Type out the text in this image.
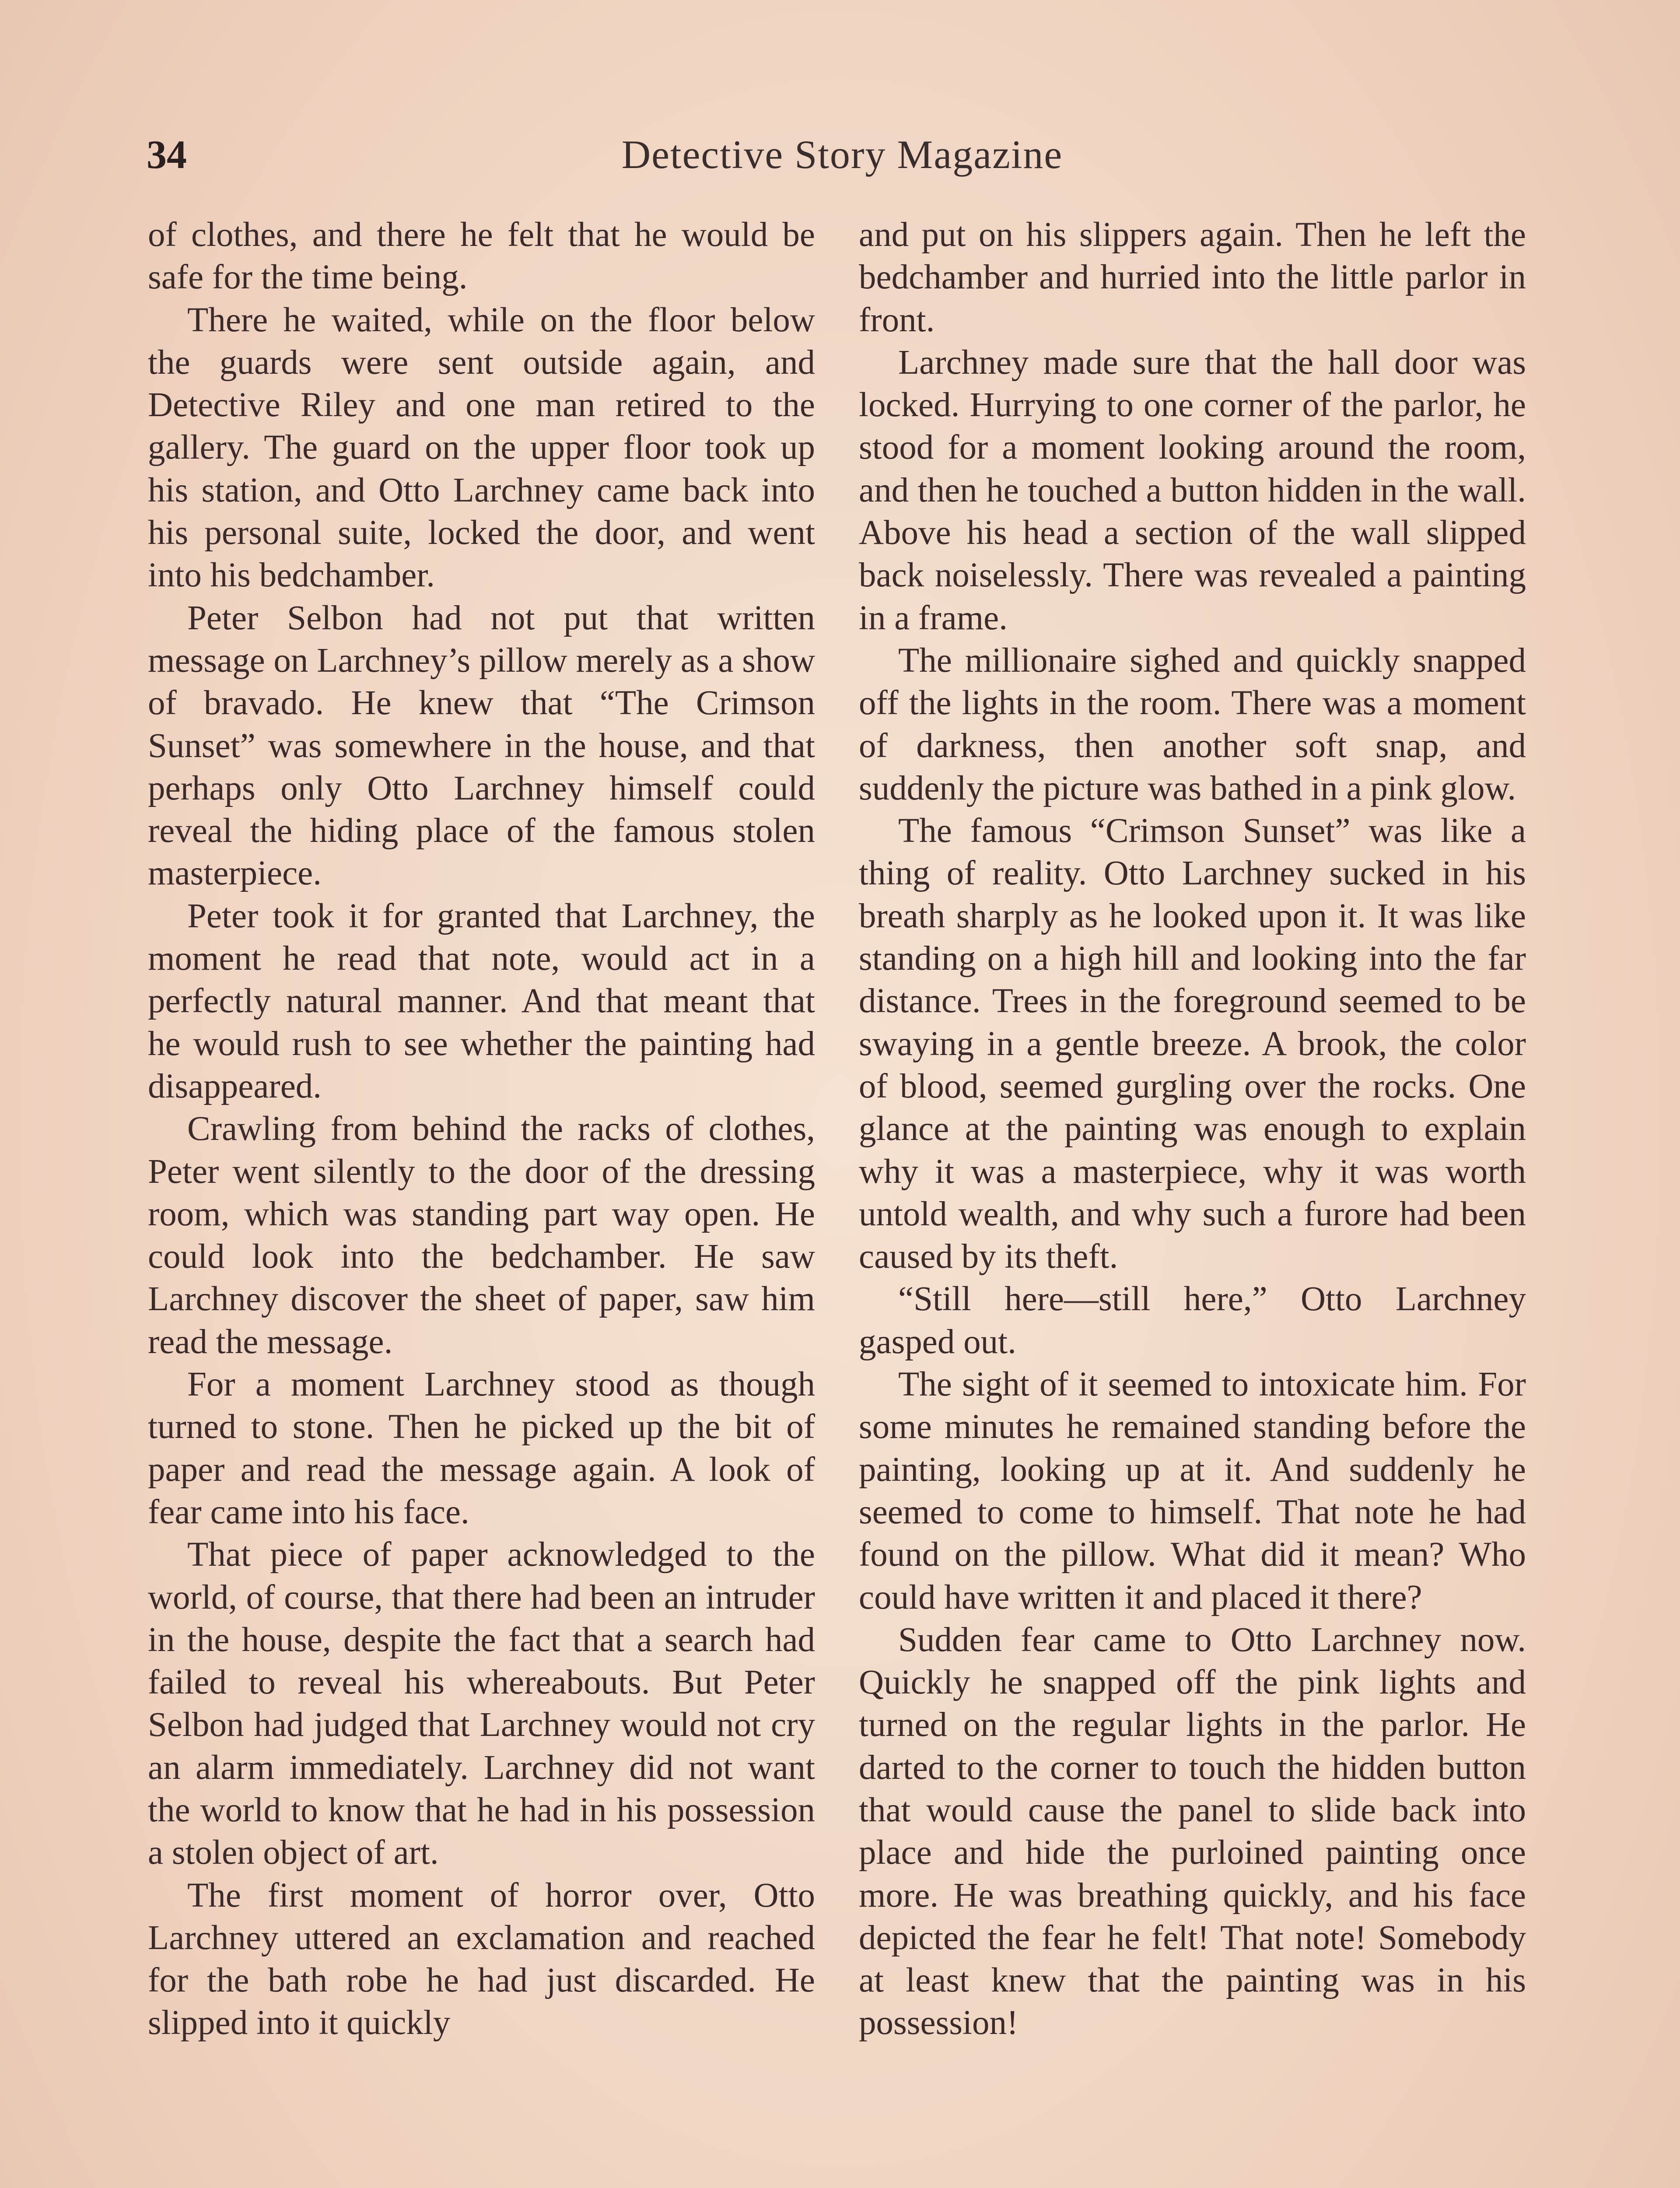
34	Detective Story Magazine

of clothes, and there he felt that he would be safe for the time being.

There he waited, while on the floor below the guards were sent outside again, and Detective Riley and one man retired to the gallery. The guard on the upper floor took up his station, and Otto Larchney came back into his personal suite, locked the door, and went into his bedchamber.

Peter Selbon had not put that written message on Larchney’s pillow merely as a show of bravado. He knew that “The Crimson Sunset” was somewhere in the house, and that perhaps only Otto Larchney himself could reveal the hiding place of the famous stolen masterpiece.

Peter took it for granted that Larchney, the moment he read that note, would act in a perfectly natural manner. And that meant that he would rush to see whether the painting had disappeared.

Crawling from behind the racks of clothes, Peter went silently to the door of the dressing room, which was standing part way open. He could look into the bedchamber. He saw Larchney discover the sheet of paper, saw him read the message.

For a moment Larchney stood as though turned to stone. Then he picked up the bit of paper and read the message again. A look of fear came into his face.

That piece of paper acknowledged to the world, of course, that there had been an intruder in the house, despite the fact that a search had failed to reveal his whereabouts. But Peter Selbon had judged that Larchney would not cry an alarm immediately. Larchney did not want the world to know that he had in his possession a stolen object of art.

The first moment of horror over, Otto Larchney uttered an exclamation and reached for the bath robe he had just discarded. He slipped into it quickly

and put on his slippers again. Then he left the bedchamber and hurried into the little parlor in front.

Larchney made sure that the hall door was locked. Hurrying to one corner of the parlor, he stood for a moment looking around the room, and then he touched a button hidden in the wall. Above his head a section of the wall slipped back noiselessly. There was revealed a painting in a frame.

The millionaire sighed and quickly snapped off the lights in the room. There was a moment of darkness, then another soft snap, and suddenly the picture was bathed in a pink glow.

The famous “Crimson Sunset” was like a thing of reality. Otto Larchney sucked in his breath sharply as he looked upon it. It was like standing on a high hill and looking into the far distance. Trees in the foreground seemed to be swaying in a gentle breeze. A brook, the color of blood, seemed gurgling over the rocks. One glance at the painting was enough to explain why it was a masterpiece, why it was worth untold wealth, and why such a furore had been caused by its theft.

“Still here—still here,” Otto Larchney gasped out.

The sight of it seemed to intoxicate him. For some minutes he remained standing before the painting, looking up at it. And suddenly he seemed to come to himself. That note he had found on the pillow. What did it mean? Who could have written it and placed it there?

Sudden fear came to Otto Larchney now. Quickly he snapped off the pink lights and turned on the regular lights in the parlor. He darted to the corner to touch the hidden button that would cause the panel to slide back into place and hide the purloined painting once more. He was breathing quickly, and his face depicted the fear he felt! That note! Somebody at least knew that the painting was in his possession!
